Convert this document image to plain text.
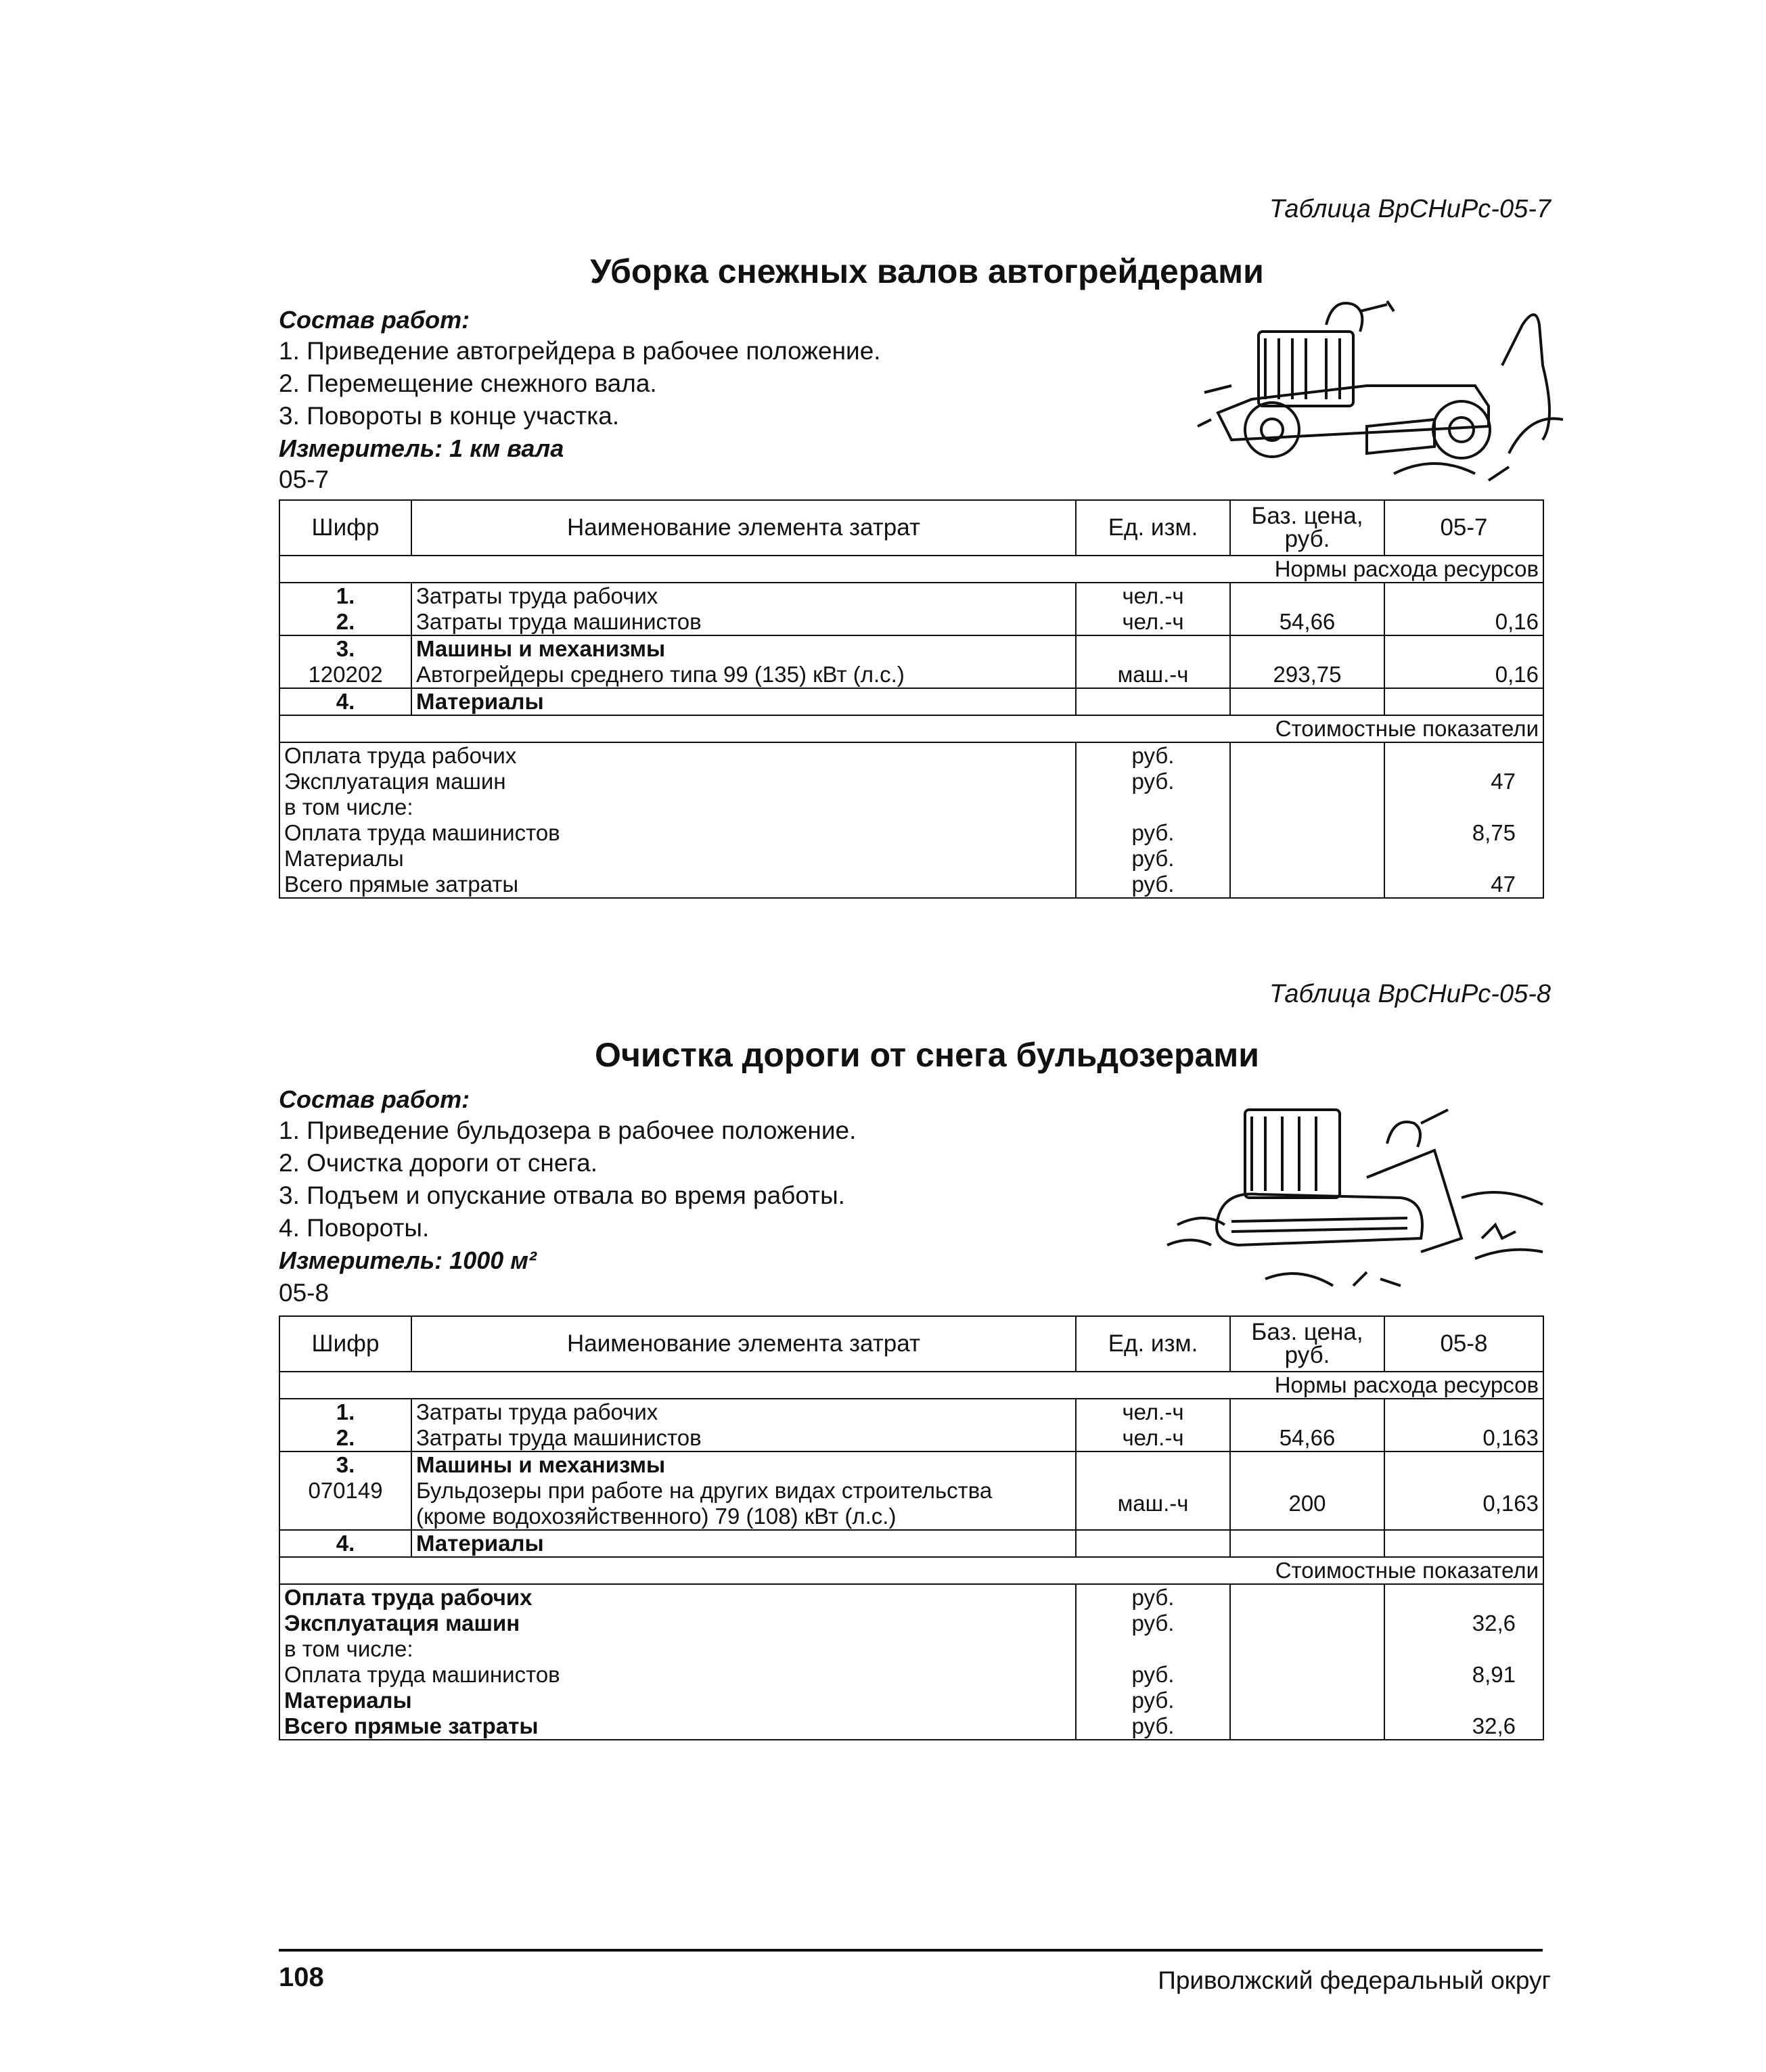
Таблица ВрСНиРс-05-7
Уборка снежных валов автогрейдерами
Состав работ:
1. Приведение автогрейдера в рабочее положение.
2. Перемещение снежного вала.
3. Повороты в конце участка.
Измеритель: 1 км вала
05-7
Шифр	Наименование элемента затрат	Ед. изм.	Баз. цена, руб.	05-7
Нормы расхода ресурсов				
1.	Затраты труда рабочих	чел.-ч		
2.	Затраты труда машинистов	чел.-ч	54,66	0,16
3.	Машины и механизмы			
120202	Автогрейдеры среднего типа 99 (135) кВт (л.с.)	маш.-ч	293,75	0,16
4.	Материалы			
Стоимостные показатели				
Оплата труда рабочих		руб.		
Эксплуатация машин		руб.		47
в том числе:				
Оплата труда машинистов		руб.		8,75
Материалы		руб.		
Всего прямые затраты		руб.		47
Таблица ВрСНиРс-05-8
Очистка дороги от снега бульдозерами
Состав работ:
1. Приведение бульдозера в рабочее положение.
2. Очистка дороги от снега.
3. Подъем и опускание отвала во время работы.
4. Повороты.
Измеритель: 1000 м²
05-8
Шифр	Наименование элемента затрат	Ед. изм.	Баз. цена, руб.	05-8
Нормы расхода ресурсов				
1.	Затраты труда рабочих	чел.-ч		
2.	Затраты труда машинистов	чел.-ч	54,66	0,163
3.	Машины и механизмы			
070149	Бульдозеры при работе на других видах строительства
(кроме водохозяйственного) 79 (108) кВт (л.с.)	маш.-ч	200	0,163
4.	Материалы			
Стоимостные показатели				
Оплата труда рабочих		руб.		
Эксплуатация машин		руб.		32,6
в том числе:				
Оплата труда машинистов		руб.		8,91
Материалы		руб.		
Всего прямые затраты		руб.		32,6
108	Приволжский федеральный округ
